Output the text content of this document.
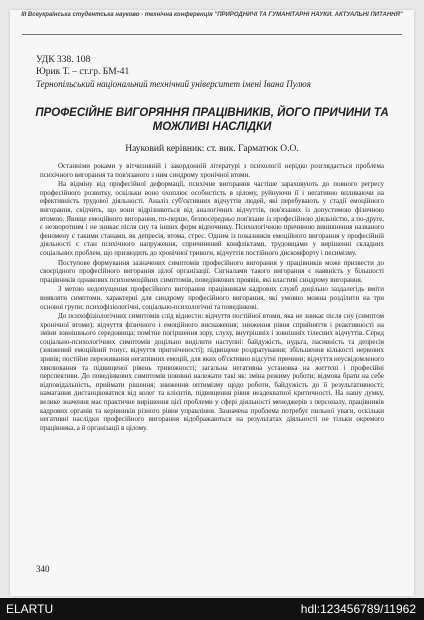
III Всеукраїнська студентська науково - технічна конференція "ПРИРОДНИЧІ ТА ГУМАНІТАРНІ НАУКИ. АКТУАЛЬНІ ПИТАННЯ"
УДК 338. 108
Юрик Т. – ст.гр. БМ-41
Тернопільський національний технічний університет імені Івана Пулюя
ПРОФЕСІЙНЕ ВИГОРЯННЯ ПРАЦІВНИКІВ, ЙОГО ПРИЧИНИ ТА МОЖЛИВІ НАСЛІДКИ
Науковий керівник: ст. вик. Гарматюк О.О.

Останніми роками у вітчизняній і закордонній літературі з психології нерідко розглядається проблема психічного вигорання та пов'язаного з ним синдрому хронічної втоми.

На відміну від професійної деформації, психічне вигорання частіше зараховують до повного регресу професійного розвитку, оскільки воно охоплює особистість в цілому, руйнуючи її і негативно впливаючи на ефективність трудової діяльності. Аналіз суб'єктивних відчуттів людей, які перебувають у стадії емоційного вигорання, свідчить, що вони відрізняються від аналогічних відчуттів, пов'язаних із допустимою фізичною втомою. Явище емоційного вигорання, по-перше, безпосередньо пов'язане із професійною діяльністю, а по-друге, є незворотним і не зникає після сну та інших форм відпочинку. Психологічною причиною виникнення названого феномену є такими станами, як депресія, втома, стрес. Одним із показників емоційного вигорання у професійній діяльності є стан психічного напруження, спричинений конфліктами, трудовщами у вирішенні складних соціальних проблем, що призводить до хронічної тривоги, відчуттів постійного дискомфорту і песимізму.

Поступове формування зазначених симптомів професійного вигорання у працівників може призвести до своєрідного професійного вигорання цілої організації. Сигналами такого вигорання є наявність у більшості працівників однакових психоемоційних симптомів, поведінкових проявів, які властиві синдрому вигорання.

З метою недопущення професійного вигорання працівникам кадрових служб доцільно заздалегідь вміти виявляти симптоми, характерні для синдрому професійного вигорання, які умовно можна розділити на три основні групи: психофізіологічні, соціально-психологічні та поведінкові.

До психофізіологічних симптомів слід віднести: відчуття постійної втоми, яка не зникає після сну (симптом хронічної втоми); відчуття фізичного і емоційного виснаження; зниження рівня сприйняття і реактивності на зміни зовнішнього середовища; помітне погіршення зору, слуху, внутрішніх і зовнішніх тілесних відчуттів. Серед соціально-психологічних симптомів доцільно виділити наступні: байдужість, нудьга, пасивність та депресія (знижений емоційний тонус, відчуття пригніченості); підвищене роздратування; збільшення кількості нервових зривів; постійне переживання негативних емоцій, для яких об'єктивно відсутні причини; відчуття неусвідомленого хвилювання та підвищеної рівень тривожності; загальна негативна установка на життєві і професійні перспективи. До поведінкових симптомів повинні належати такі як: зміна режиму роботи; відмова брати на себе відповідальність, приймати рішення; зниження оптимізму щодо роботи, байдужість до її результативності; намагання дистанціюватися від колег та клієнтів, підвищення рівня неадекватної критичності. На нашу думку, велике значення має практичне вирішення цієї проблеми у сфері діяльності менеджерів з персоналу, працівників кадрових органів та керівників різного рівня управління. Зазначена проблема потребує пильної уваги, оскільки негативні наслідки професійного вигорання відображаються на результатах діяльності не тільки окремого працівника, а й організації в цілому.

340
ELARTU	hdl:123456789/11962
